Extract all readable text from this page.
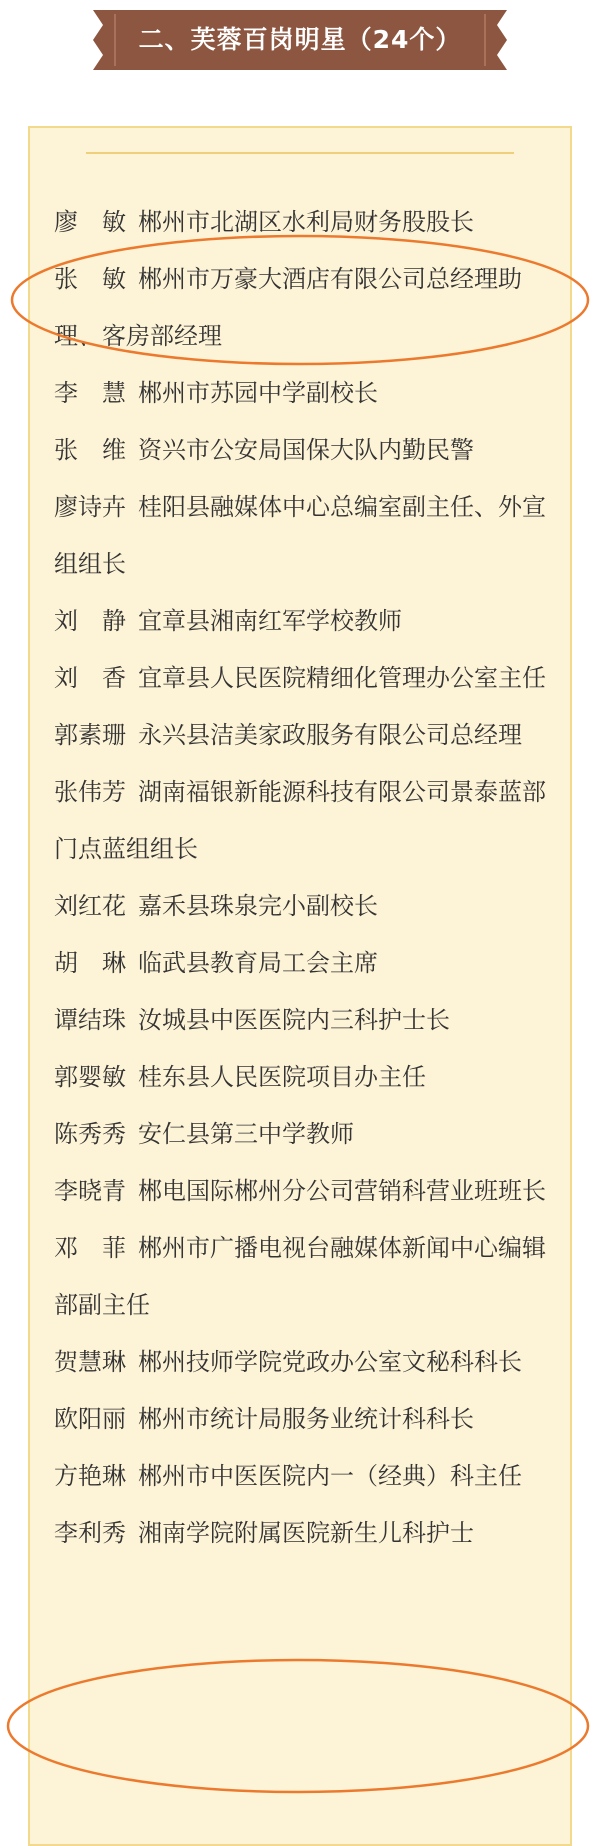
二、芙蓉百岗明星（24个）
廖　敏 郴州市北湖区水利局财务股股长
张　敏 郴州市万豪大酒店有限公司总经理助理、客房部经理
李　慧 郴州市苏园中学副校长
张　维 资兴市公安局国保大队内勤民警
廖诗卉 桂阳县融媒体中心总编室副主任、外宣组组长
刘　静 宜章县湘南红军学校教师
刘　香 宜章县人民医院精细化管理办公室主任
郭素珊 永兴县洁美家政服务有限公司总经理
张伟芳 湖南福银新能源科技有限公司景泰蓝部门点蓝组组长
刘红花 嘉禾县珠泉完小副校长
胡　琳 临武县教育局工会主席
谭结珠 汝城县中医医院内三科护士长
郭婴敏 桂东县人民医院项目办主任
陈秀秀 安仁县第三中学教师
李晓青 郴电国际郴州分公司营销科营业班班长
邓　菲 郴州市广播电视台融媒体新闻中心编辑部副主任
贺慧琳 郴州技师学院党政办公室文秘科科长
欧阳丽 郴州市统计局服务业统计科科长
方艳琳 郴州市中医医院内一（经典）科主任
李利秀 湘南学院附属医院新生儿科护士
